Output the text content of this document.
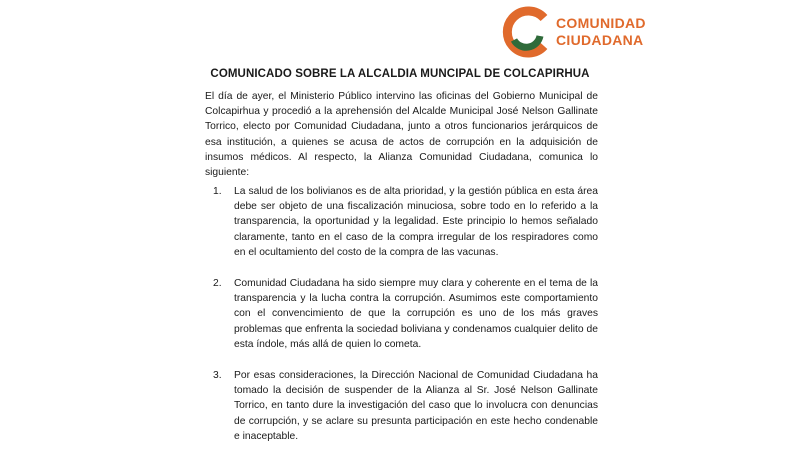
COMUNIDAD
CIUDADANA
COMUNICADO SOBRE LA ALCALDIA MUNCIPAL DE COLCAPIRHUA
El día de ayer, el Ministerio Público intervino las oficinas del Gobierno Municipal de Colcapirhua y procedió a la aprehensión del Alcalde Municipal José Nelson Gallinate Torrico, electo por Comunidad Ciudadana, junto a otros funcionarios jerárquicos de esa institución, a quienes se acusa de actos de corrupción en la adquisición de insumos médicos. Al respecto, la Alianza Comunidad Ciudadana, comunica lo siguiente:
1. La salud de los bolivianos es de alta prioridad, y la gestión pública en esta área debe ser objeto de una fiscalización minuciosa, sobre todo en lo referido a la transparencia, la oportunidad y la legalidad. Este principio lo hemos señalado claramente, tanto en el caso de la compra irregular de los respiradores como en el ocultamiento del costo de la compra de las vacunas.
2. Comunidad Ciudadana ha sido siempre muy clara y coherente en el tema de la transparencia y la lucha contra la corrupción. Asumimos este comportamiento con el convencimiento de que la corrupción es uno de los más graves problemas que enfrenta la sociedad boliviana y condenamos cualquier delito de esta índole, más allá de quien lo cometa.
3. Por esas consideraciones, la Dirección Nacional de Comunidad Ciudadana ha tomado la decisión de suspender de la Alianza al Sr. José Nelson Gallinate Torrico, en tanto dure la investigación del caso que lo involucra con denuncias de corrupción, y se aclare su presunta participación en este hecho condenable e inaceptable.
